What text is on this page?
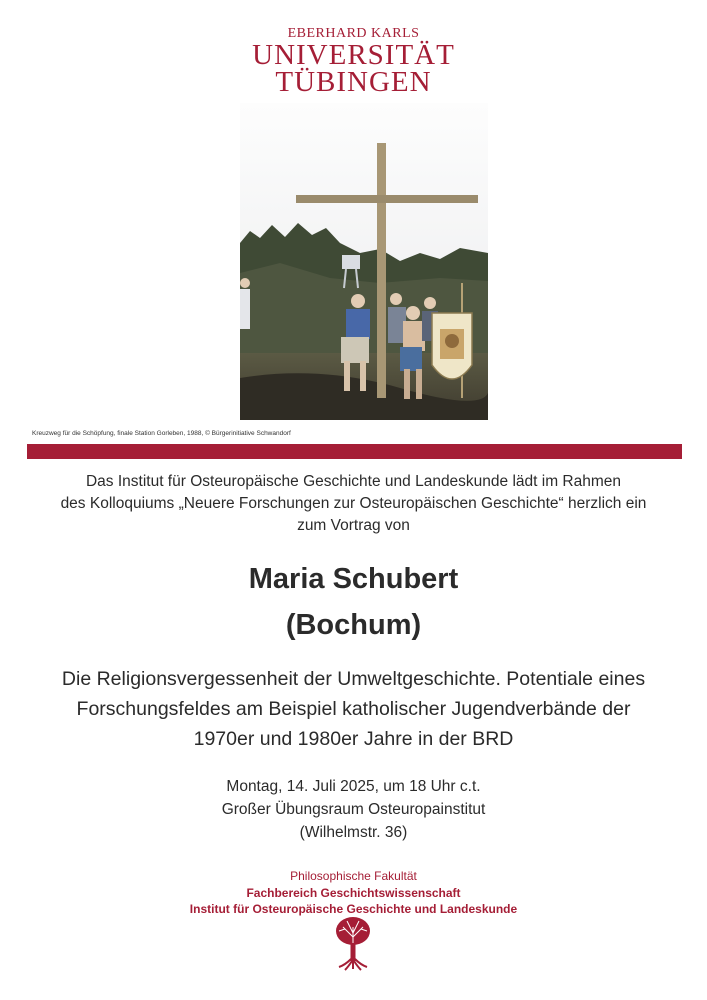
EBERHARD KARLS
UNIVERSITÄT
TÜBINGEN
Kreuzweg für die Schöpfung, finale Station Gorleben, 1988, © Bürgerinitiative Schwandorf
Das Institut für Osteuropäische Geschichte und Landeskunde lädt im Rahmen
des Kolloquiums „Neuere Forschungen zur Osteuropäischen Geschichte“ herzlich ein
zum Vortrag von
Maria Schubert
(Bochum)
Die Religionsvergessenheit der Umweltgeschichte. Potentiale eines
Forschungsfeldes am Beispiel katholischer Jugendverbände der
1970er und 1980er Jahre in der BRD
Montag, 14. Juli 2025, um 18 Uhr c.t.
Großer Übungsraum Osteuropainstitut
(Wilhelmstr. 36)
Philosophische Fakultät
Fachbereich Geschichtswissenschaft
Institut für Osteuropäische Geschichte und Landeskunde
